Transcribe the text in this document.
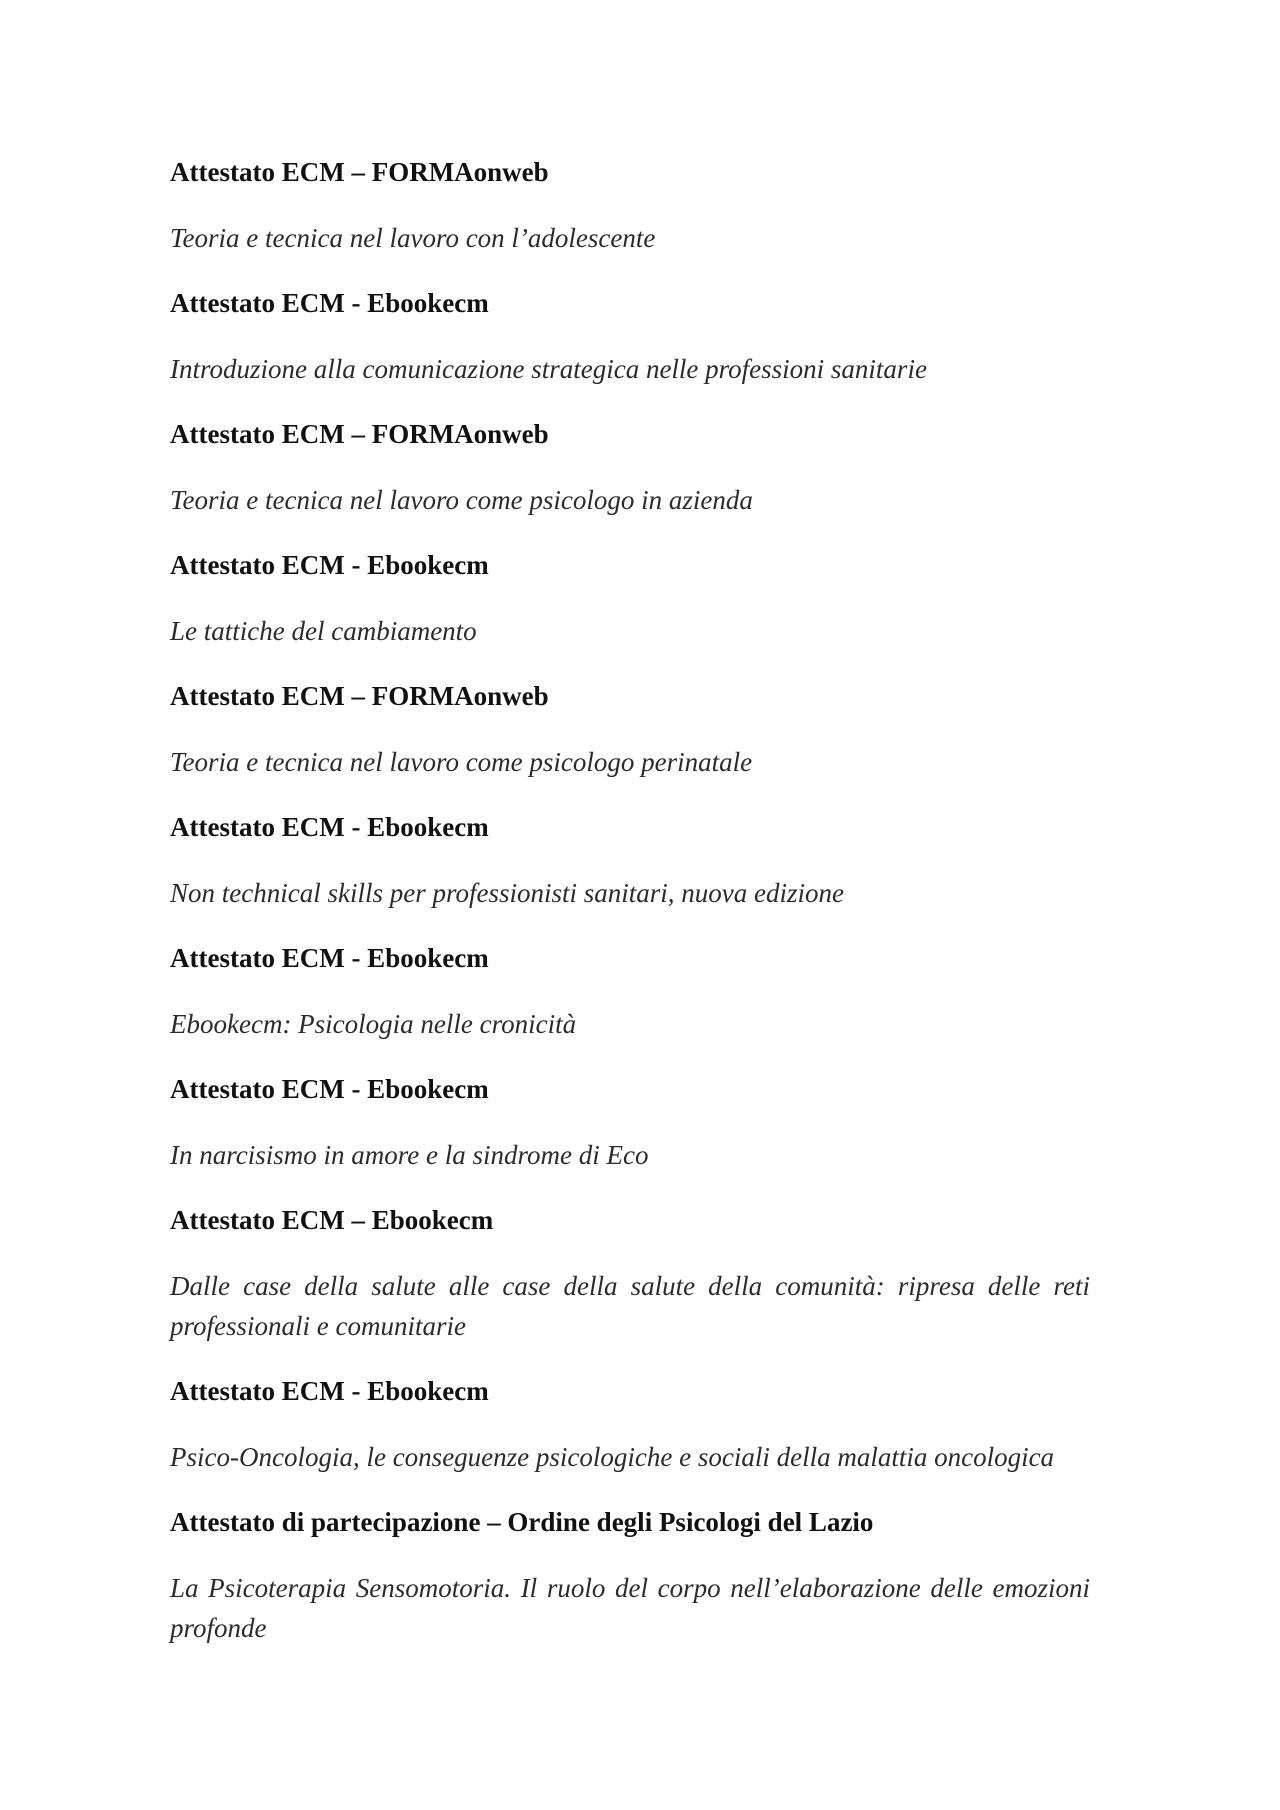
Attestato ECM – FORMAonweb

Teoria e tecnica nel lavoro con l’adolescente

Attestato ECM - Ebookecm

Introduzione alla comunicazione strategica nelle professioni sanitarie

Attestato ECM – FORMAonweb

Teoria e tecnica nel lavoro come psicologo in azienda

Attestato ECM - Ebookecm

Le tattiche del cambiamento

Attestato ECM – FORMAonweb

Teoria e tecnica nel lavoro come psicologo perinatale

Attestato ECM - Ebookecm

Non technical skills per professionisti sanitari, nuova edizione

Attestato ECM - Ebookecm

Ebookecm: Psicologia nelle cronicità

Attestato ECM - Ebookecm

In narcisismo in amore e la sindrome di Eco

Attestato ECM – Ebookecm

Dalle case della salute alle case della salute della comunità: ripresa delle reti professionali e comunitarie

Attestato ECM - Ebookecm

Psico-Oncologia, le conseguenze psicologiche e sociali della malattia oncologica

Attestato di partecipazione – Ordine degli Psicologi del Lazio

La Psicoterapia Sensomotoria. Il ruolo del corpo nell’elaborazione delle emozioni profonde
